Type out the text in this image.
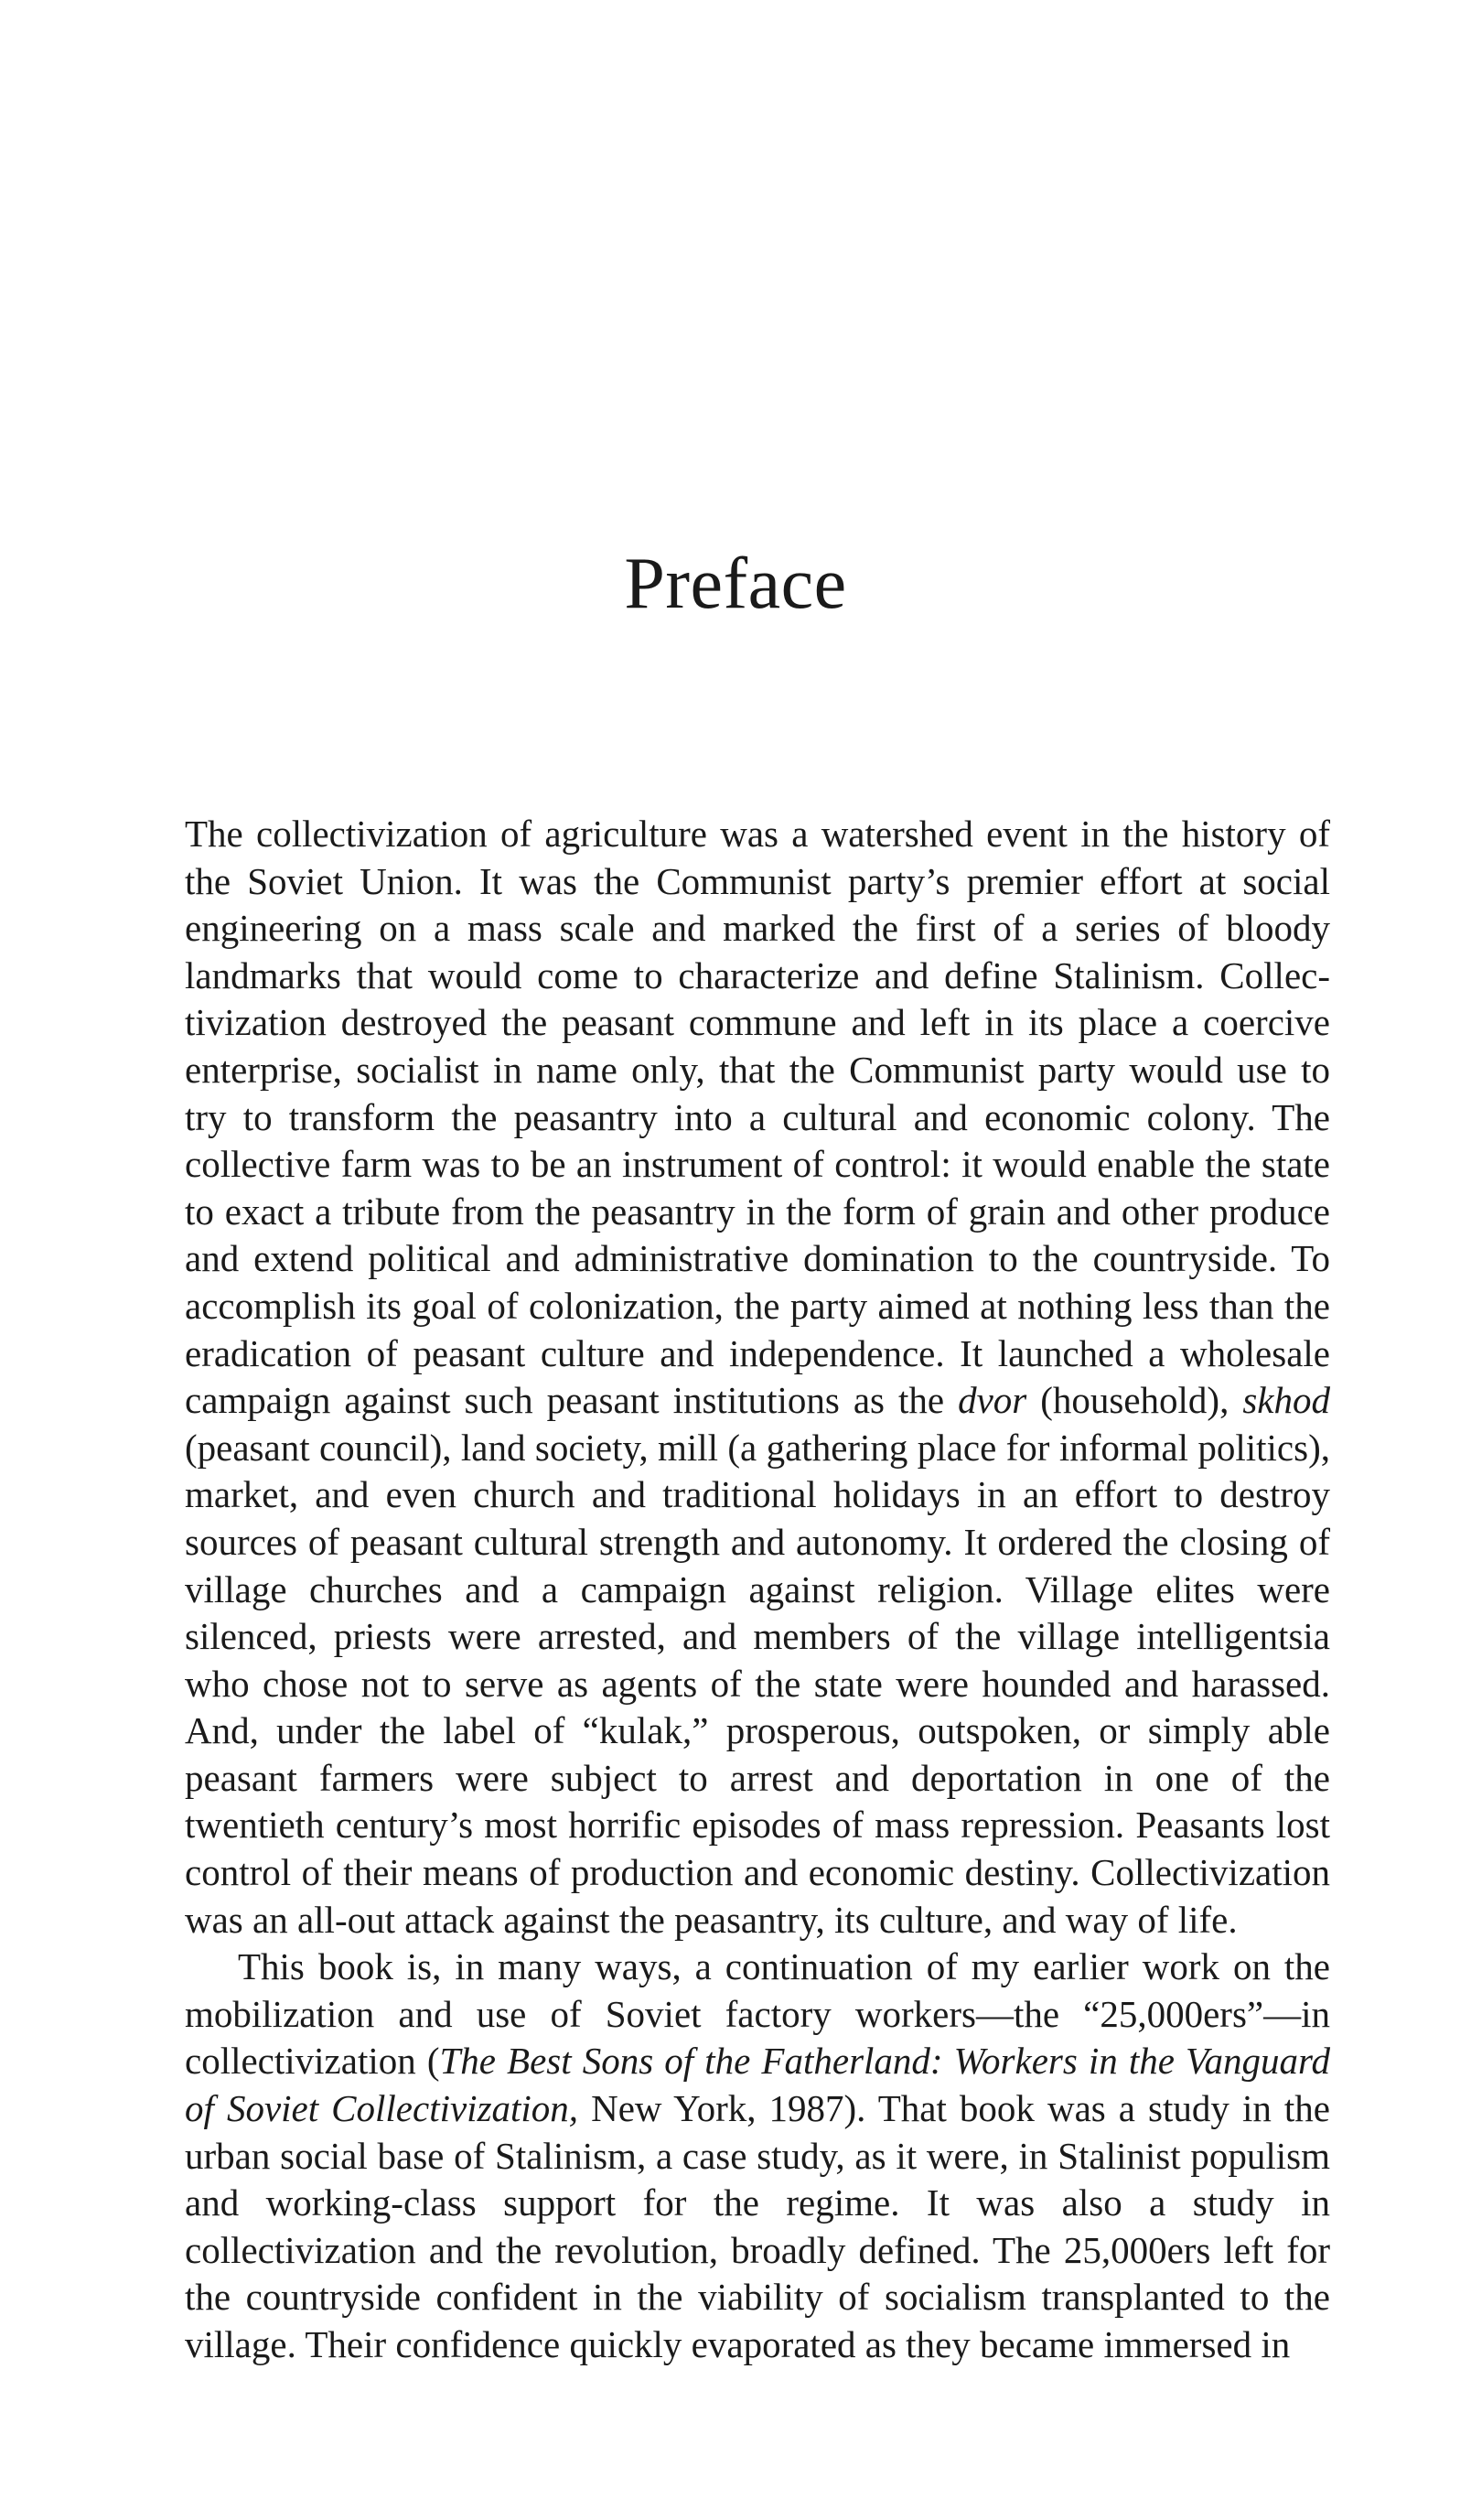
Preface

The collectivization of agriculture was a watershed event in the history of the Soviet Union. It was the Communist party’s premier effort at social engineering on a mass scale and marked the first of a series of bloody landmarks that would come to characterize and define Stalinism. Collectivization destroyed the peasant commune and left in its place a coercive enterprise, socialist in name only, that the Communist party would use to try to transform the peasantry into a cultural and economic colony. The collective farm was to be an instrument of control: it would enable the state to exact a tribute from the peasantry in the form of grain and other produce and extend political and administrative domination to the countryside. To accomplish its goal of colonization, the party aimed at nothing less than the eradication of peasant culture and independence. It launched a wholesale campaign against such peasant institutions as the dvor (household), skhod (peasant council), land society, mill (a gathering place for informal politics), market, and even church and traditional holidays in an effort to destroy sources of peasant cultural strength and autonomy. It ordered the closing of village churches and a campaign against religion. Village elites were silenced, priests were arrested, and members of the village intelligentsia who chose not to serve as agents of the state were hounded and harassed. And, under the label of “kulak,” prosperous, outspoken, or simply able peasant farmers were subject to arrest and deportation in one of the twentieth century’s most horrific episodes of mass repression. Peasants lost control of their means of production and economic destiny. Collectivization was an all-out attack against the peasantry, its culture, and way of life.

This book is, in many ways, a continuation of my earlier work on the mobilization and use of Soviet factory workers—the “25,000ers”—in collectivization (The Best Sons of the Fatherland: Workers in the Vanguard of Soviet Collectivization, New York, 1987). That book was a study in the urban social base of Stalinism, a case study, as it were, in Stalinist populism and working-class support for the regime. It was also a study in collectivization and the revolution, broadly defined. The 25,000ers left for the countryside confident in the viability of socialism transplanted to the village. Their confidence quickly evaporated as they became immersed in
